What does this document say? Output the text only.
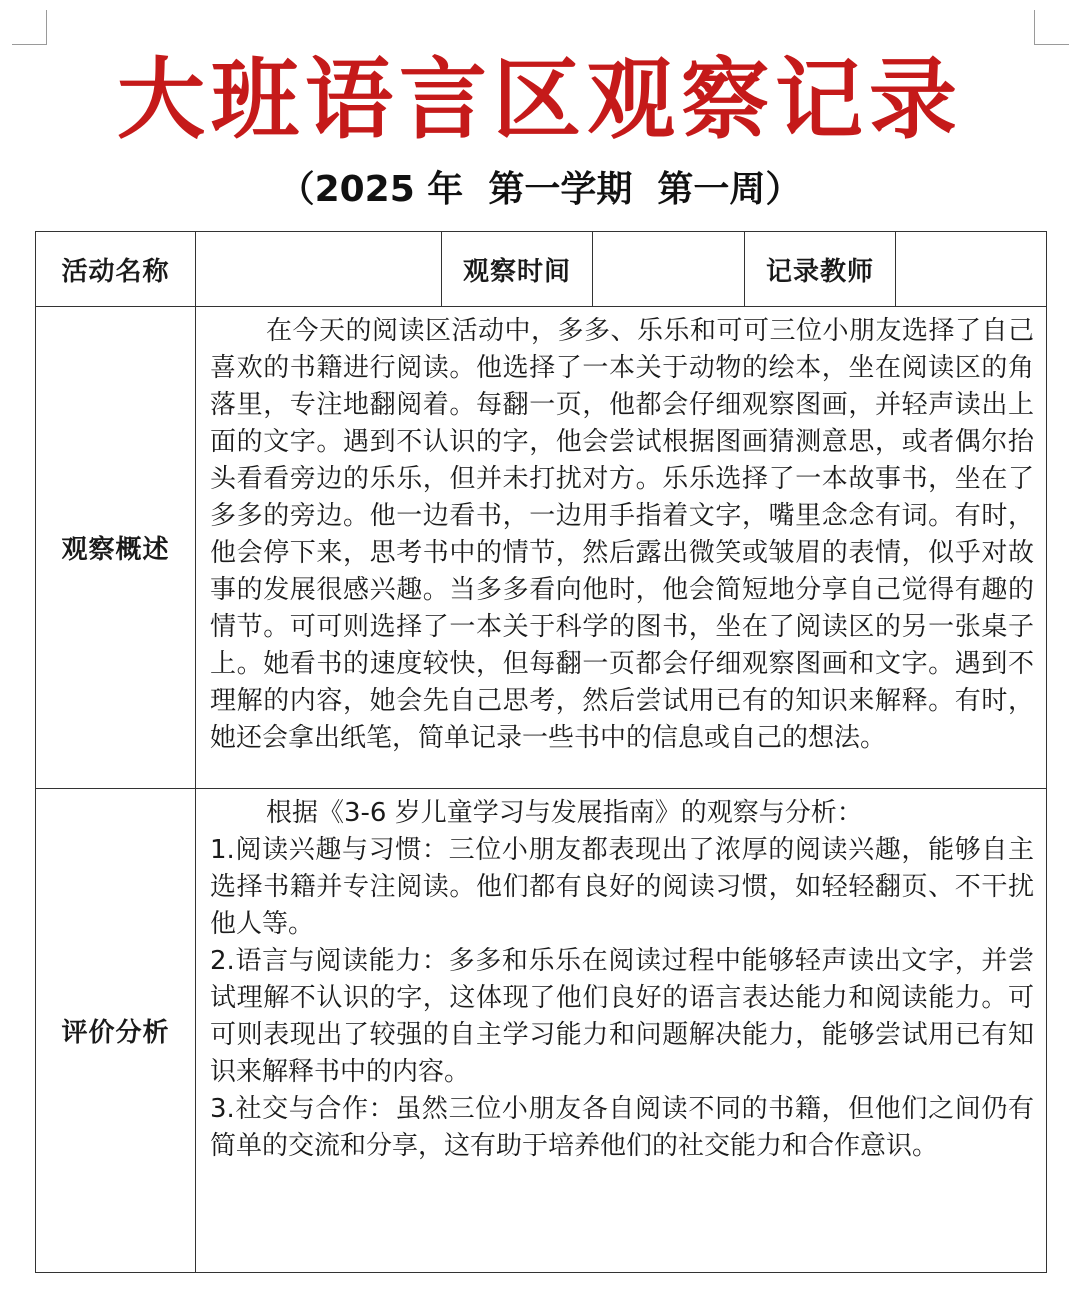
大班语言区观察记录
（2025 年  第一学期  第一周）
活动名称		观察时间		记录教师	
观察概述	在今天的阅读区活动中，多多、乐乐和可可三位小朋友选择了自己喜欢的书籍进行阅读。他选择了一本关于动物的绘本，坐在阅读区的角落里，专注地翻阅着。每翻一页，他都会仔细观察图画，并轻声读出上面的文字。遇到不认识的字，他会尝试根据图画猜测意思，或者偶尔抬头看看旁边的乐乐，但并未打扰对方。乐乐选择了一本故事书，坐在了多多的旁边。他一边看书，一边用手指着文字，嘴里念念有词。有时，他会停下来，思考书中的情节，然后露出微笑或皱眉的表情，似乎对故事的发展很感兴趣。当多多看向他时，他会简短地分享自己觉得有趣的情节。可可则选择了一本关于科学的图书，坐在了阅读区的另一张桌子上。她看书的速度较快，但每翻一页都会仔细观察图画和文字。遇到不理解的内容，她会先自己思考，然后尝试用已有的知识来解释。有时，她还会拿出纸笔，简单记录一些书中的信息或自己的想法。				

评价分析	根据《3-6 岁儿童学习与发展指南》的观察与分析：

1.阅读兴趣与习惯：三位小朋友都表现出了浓厚的阅读兴趣，能够自主选择书籍并专注阅读。他们都有良好的阅读习惯，如轻轻翻页、不干扰他人等。

2.语言与阅读能力：多多和乐乐在阅读过程中能够轻声读出文字，并尝试理解不认识的字，这体现了他们良好的语言表达能力和阅读能力。可可则表现出了较强的自主学习能力和问题解决能力，能够尝试用已有知识来解释书中的内容。

3.社交与合作：虽然三位小朋友各自阅读不同的书籍，但他们之间仍有简单的交流和分享，这有助于培养他们的社交能力和合作意识。				
